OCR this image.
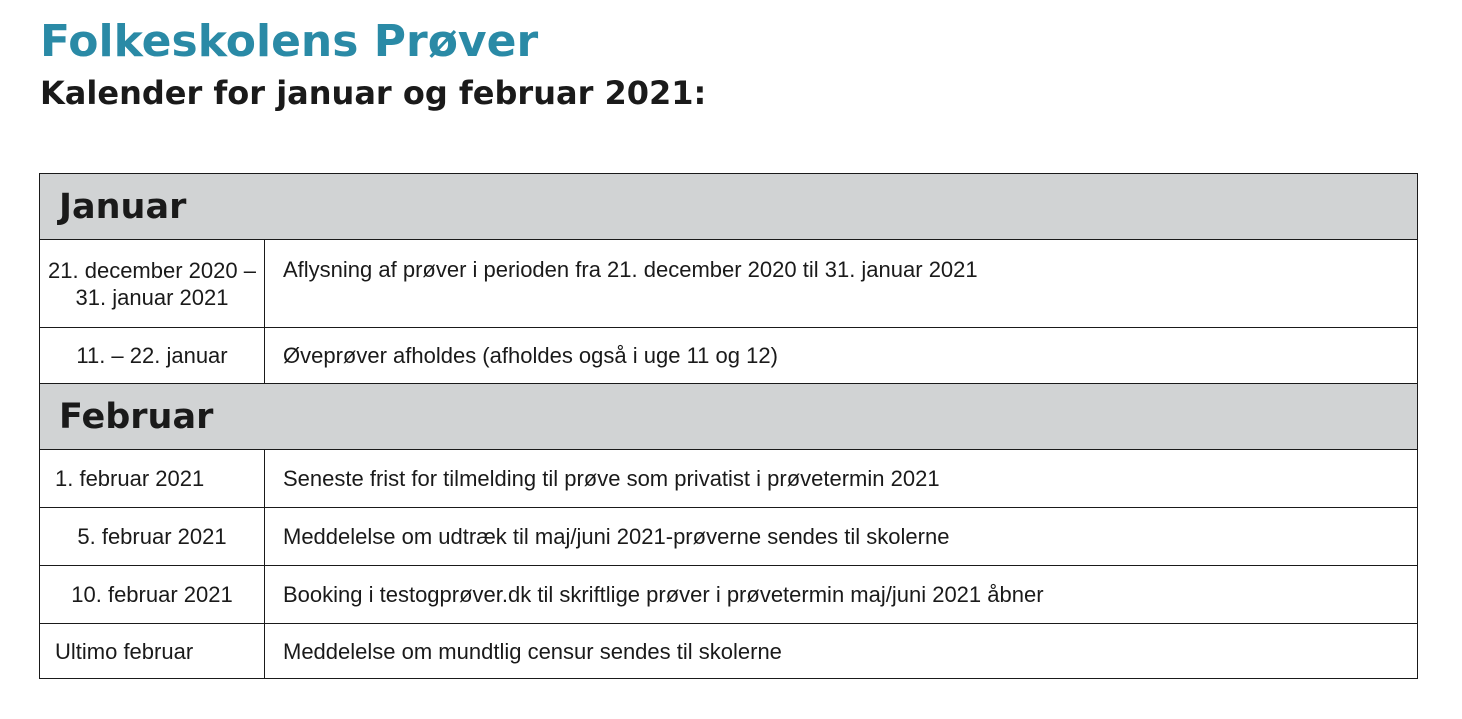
Folkeskolens Prøver
Kalender for januar og februar 2021:
Januar	
21. december 2020 – 31. januar 2021	Aflysning af prøver i perioden fra 21. december 2020 til 31. januar 2021
11. – 22. januar	Øveprøver afholdes (afholdes også i uge 11 og 12)
Februar	
1. februar 2021	Seneste frist for tilmelding til prøve som privatist i prøvetermin 2021
5. februar 2021	Meddelelse om udtræk til maj/juni 2021-prøverne sendes til skolerne
10. februar 2021	Booking i testogprøver.dk til skriftlige prøver i prøvetermin maj/juni 2021 åbner
Ultimo februar	Meddelelse om mundtlig censur sendes til skolerne
